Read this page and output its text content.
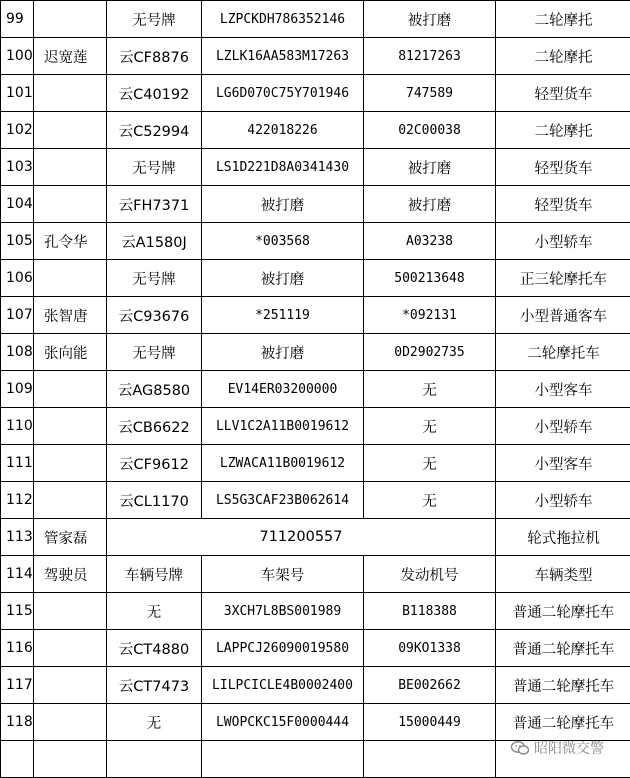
99		无号牌	LZPCKDH786352146	被打磨	二轮摩托
100	迟宽莲	云CF8876	LZLK16AA583M17263	81217263	二轮摩托
101		云C40192	LG6D070C75Y701946	747589	轻型货车
102		云C52994	422018226	02C00038	二轮摩托
103		无号牌	LS1D221D8A0341430	被打磨	轻型货车
104		云FH7371	被打磨	被打磨	轻型货车
105	孔令华	云A1580J	*003568	A03238	小型轿车
106		无号牌	被打磨	500213648	正三轮摩托车
107	张智唐	云C93676	*251119	*092131	小型普通客车
108	张向能	无号牌	被打磨	0D2902735	二轮摩托车
109		云AG8580	EV14ER03200000	无	小型客车
110		云CB6622	LLV1C2A11B0019612	无	小型轿车
111		云CF9612	LZWACA11B0019612	无	小型客车
112		云CL1170	LS5G3CAF23B062614	无	小型轿车
113	管家磊	711200557			轮式拖拉机
114	驾驶员	车辆号牌	车架号	发动机号	车辆类型
115		无	3XCH7L8BS001989	B118388	普通二轮摩托车
116		云CT4880	LAPPCJ26090019580	09KO1338	普通二轮摩托车
117		云CT7473	LILPCICLE4B0002400	BE002662	普通二轮摩托车
118		无	LWOPCKC15F0000444	15000449	普通二轮摩托车

昭阳微交警
